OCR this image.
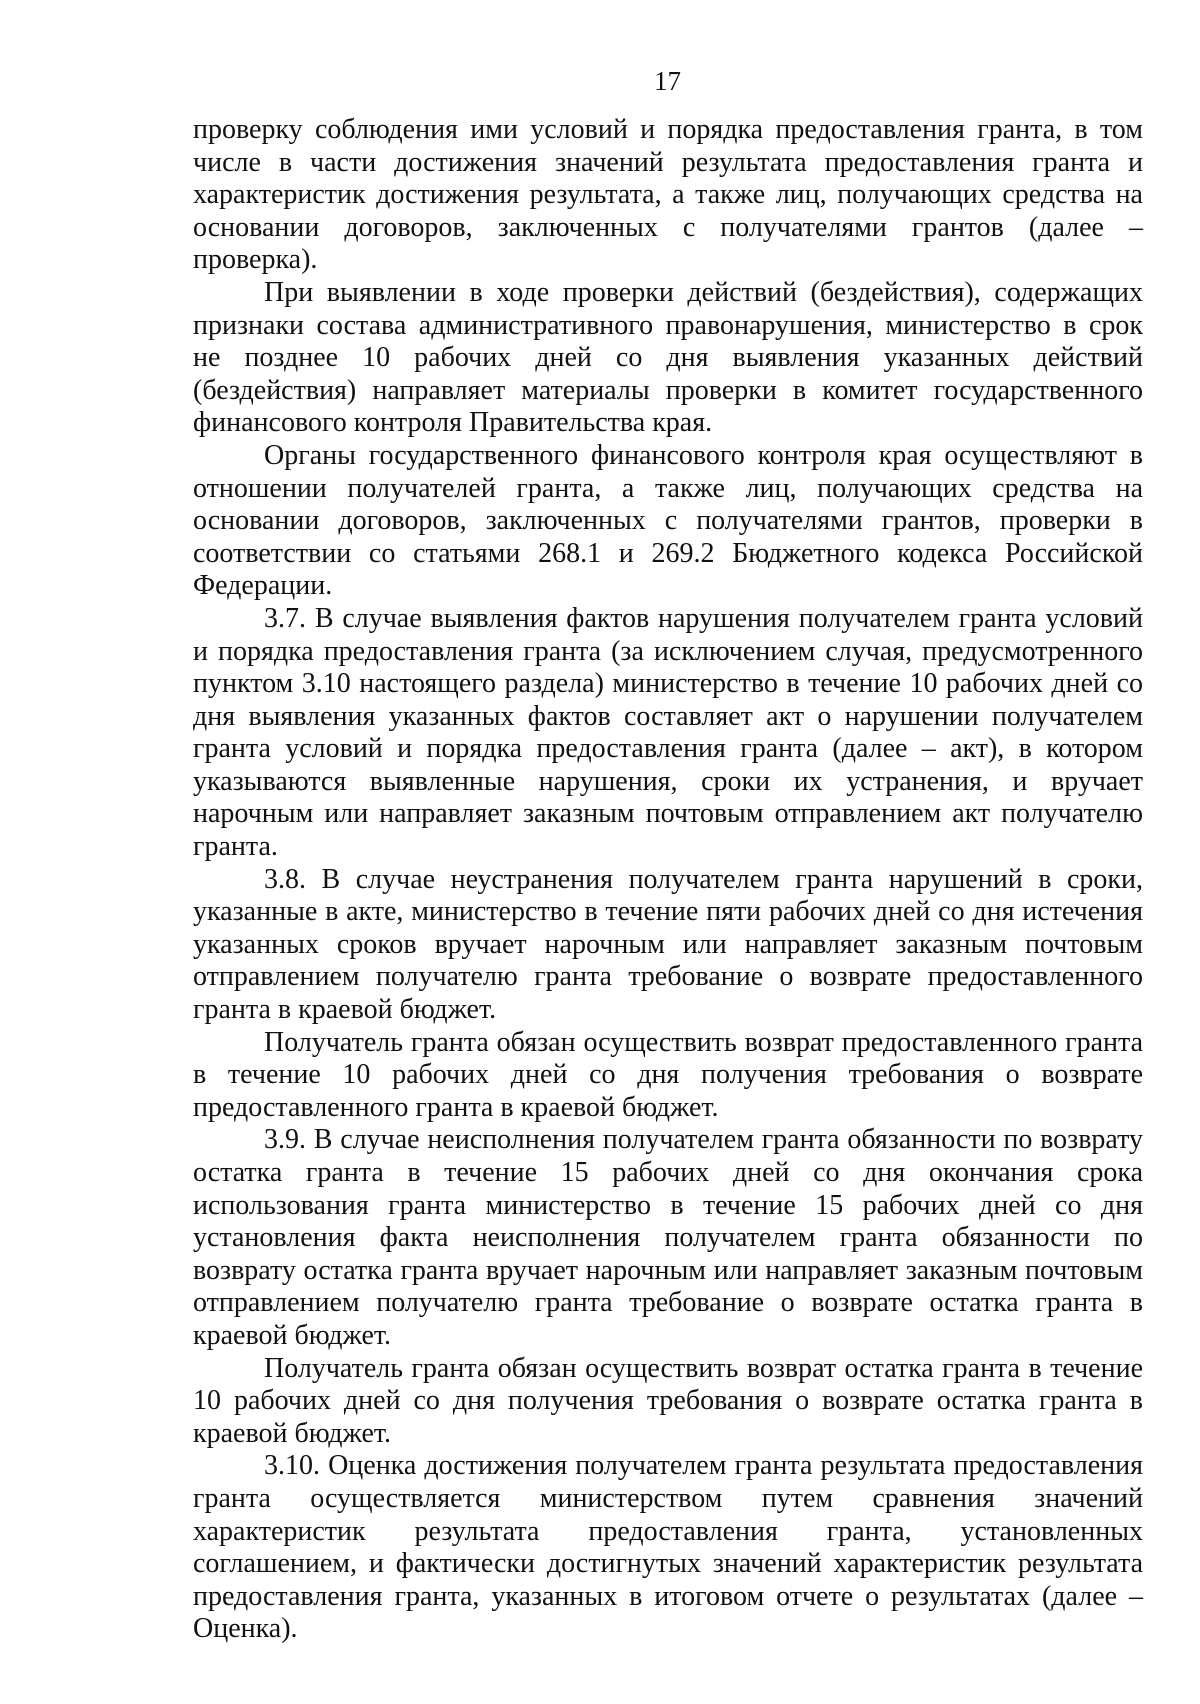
17

проверку соблюдения ими условий и порядка предоставления гранта, в том числе в части достижения значений результата предоставления гранта и характеристик достижения результата, а также лиц, получающих средства на основании договоров, заключенных с получателями грантов (далее – проверка).

При выявлении в ходе проверки действий (бездействия), содержащих признаки состава административного правонарушения, министерство в срок не позднее 10 рабочих дней со дня выявления указанных действий (бездействия) направляет материалы проверки в комитет государственного финансового контроля Правительства края.

Органы государственного финансового контроля края осуществляют в отношении получателей гранта, а также лиц, получающих средства на основании договоров, заключенных с получателями грантов, проверки в соответствии со статьями 268.1 и 269.2 Бюджетного кодекса Российской Федерации.

3.7. В случае выявления фактов нарушения получателем гранта условий и порядка предоставления гранта (за исключением случая, предусмотренного пунктом 3.10 настоящего раздела) министерство в течение 10 рабочих дней со дня выявления указанных фактов составляет акт о нарушении получателем гранта условий и порядка предоставления гранта (далее – акт), в котором указываются выявленные нарушения, сроки их устранения, и вручает нарочным или направляет заказным почтовым отправлением акт получателю гранта.

3.8. В случае неустранения получателем гранта нарушений в сроки, указанные в акте, министерство в течение пяти рабочих дней со дня истечения указанных сроков вручает нарочным или направляет заказным почтовым отправлением получателю гранта требование о возврате предоставленного гранта в краевой бюджет.

Получатель гранта обязан осуществить возврат предоставленного гранта в течение 10 рабочих дней со дня получения требования о возврате предоставленного гранта в краевой бюджет.

3.9. В случае неисполнения получателем гранта обязанности по возврату остатка гранта в течение 15 рабочих дней со дня окончания срока использования гранта министерство в течение 15 рабочих дней со дня установления факта неисполнения получателем гранта обязанности по возврату остатка гранта вручает нарочным или направляет заказным почтовым отправлением получателю гранта требование о возврате остатка гранта в краевой бюджет.

Получатель гранта обязан осуществить возврат остатка гранта в течение 10 рабочих дней со дня получения требования о возврате остатка гранта в краевой бюджет.

3.10. Оценка достижения получателем гранта результата предоставления гранта осуществляется министерством путем сравнения значений характеристик результата предоставления гранта, установленных соглашением, и фактически достигнутых значений характеристик результата предоставления гранта, указанных в итоговом отчете о результатах (далее – Оценка).
